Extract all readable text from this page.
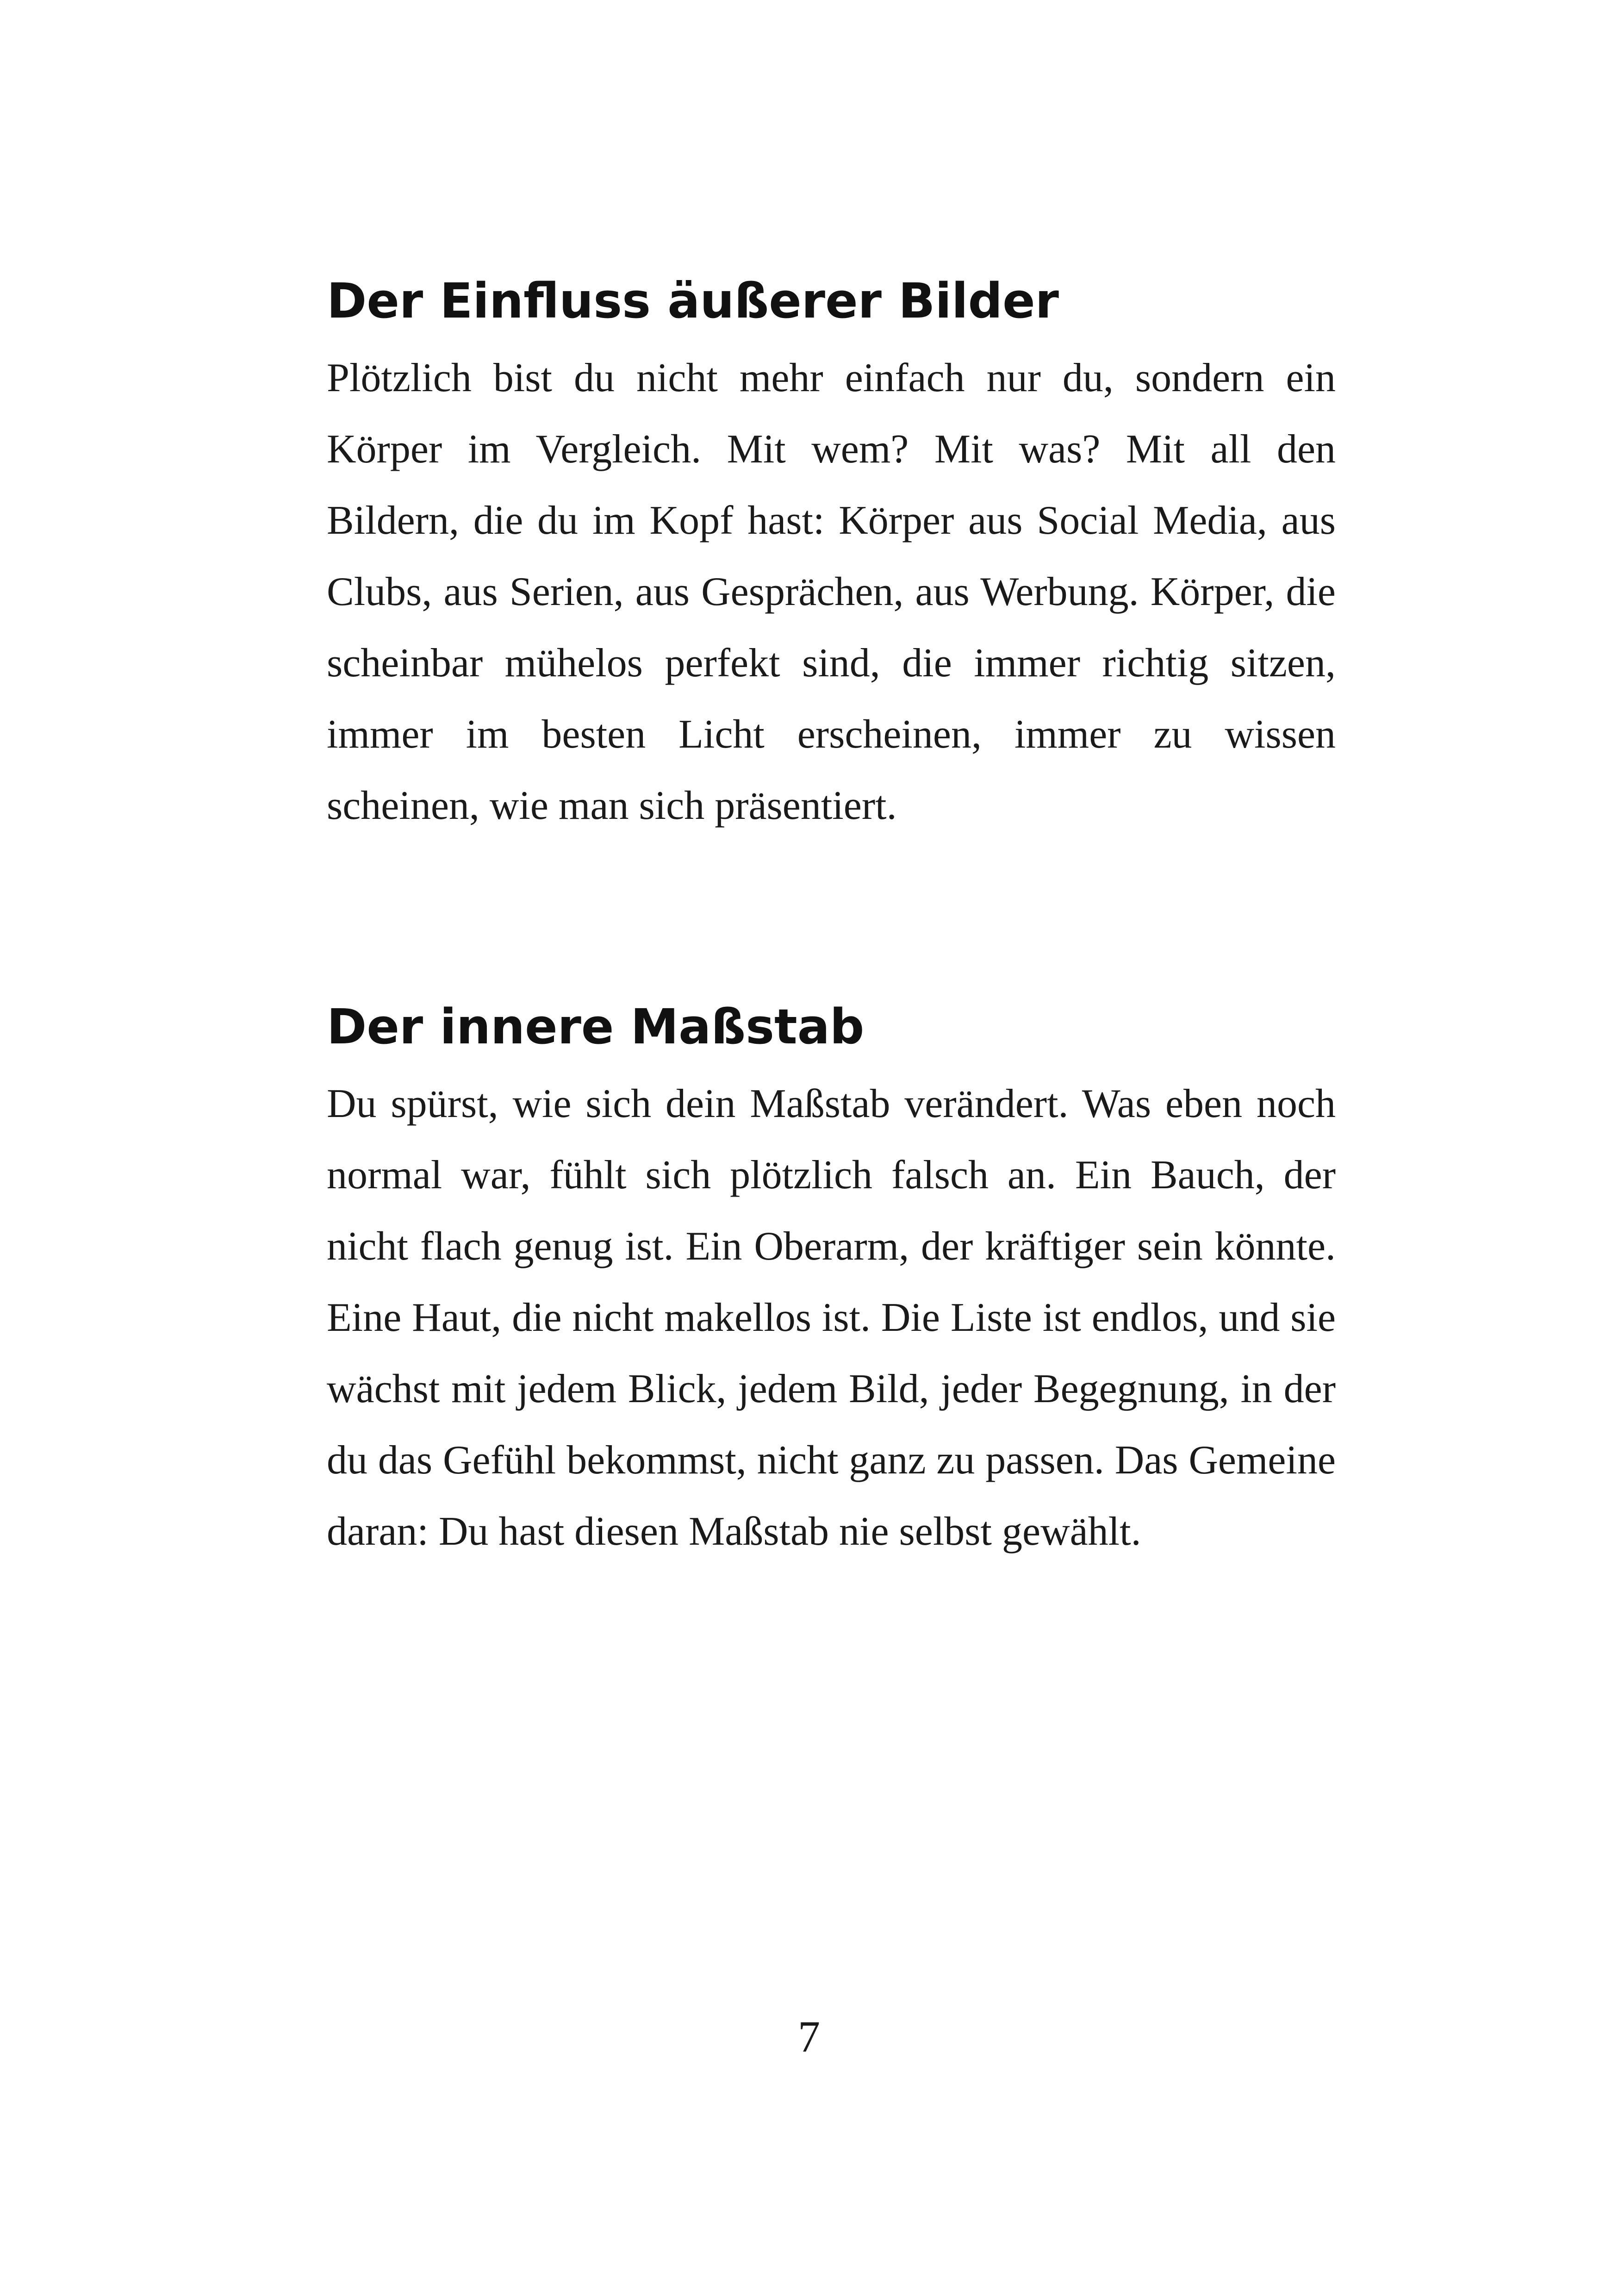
Der Einfluss äußerer Bilder

Plötzlich bist du nicht mehr einfach nur du, sondern ein Körper im Vergleich. Mit wem? Mit was? Mit all den Bildern, die du im Kopf hast: Körper aus Social Media, aus Clubs, aus Serien, aus Gesprächen, aus Werbung. Körper, die scheinbar mühelos perfekt sind, die immer richtig sitzen, immer im besten Licht erscheinen, immer zu wissen scheinen, wie man sich präsentiert.

Der innere Maßstab

Du spürst, wie sich dein Maßstab verändert. Was eben noch normal war, fühlt sich plötzlich falsch an. Ein Bauch, der nicht flach genug ist. Ein Oberarm, der kräftiger sein könnte. Eine Haut, die nicht makellos ist. Die Liste ist endlos, und sie wächst mit jedem Blick, jedem Bild, jeder Begegnung, in der du das Gefühl bekommst, nicht ganz zu passen. Das Gemeine daran: Du hast diesen Maßstab nie selbst gewählt.

7
